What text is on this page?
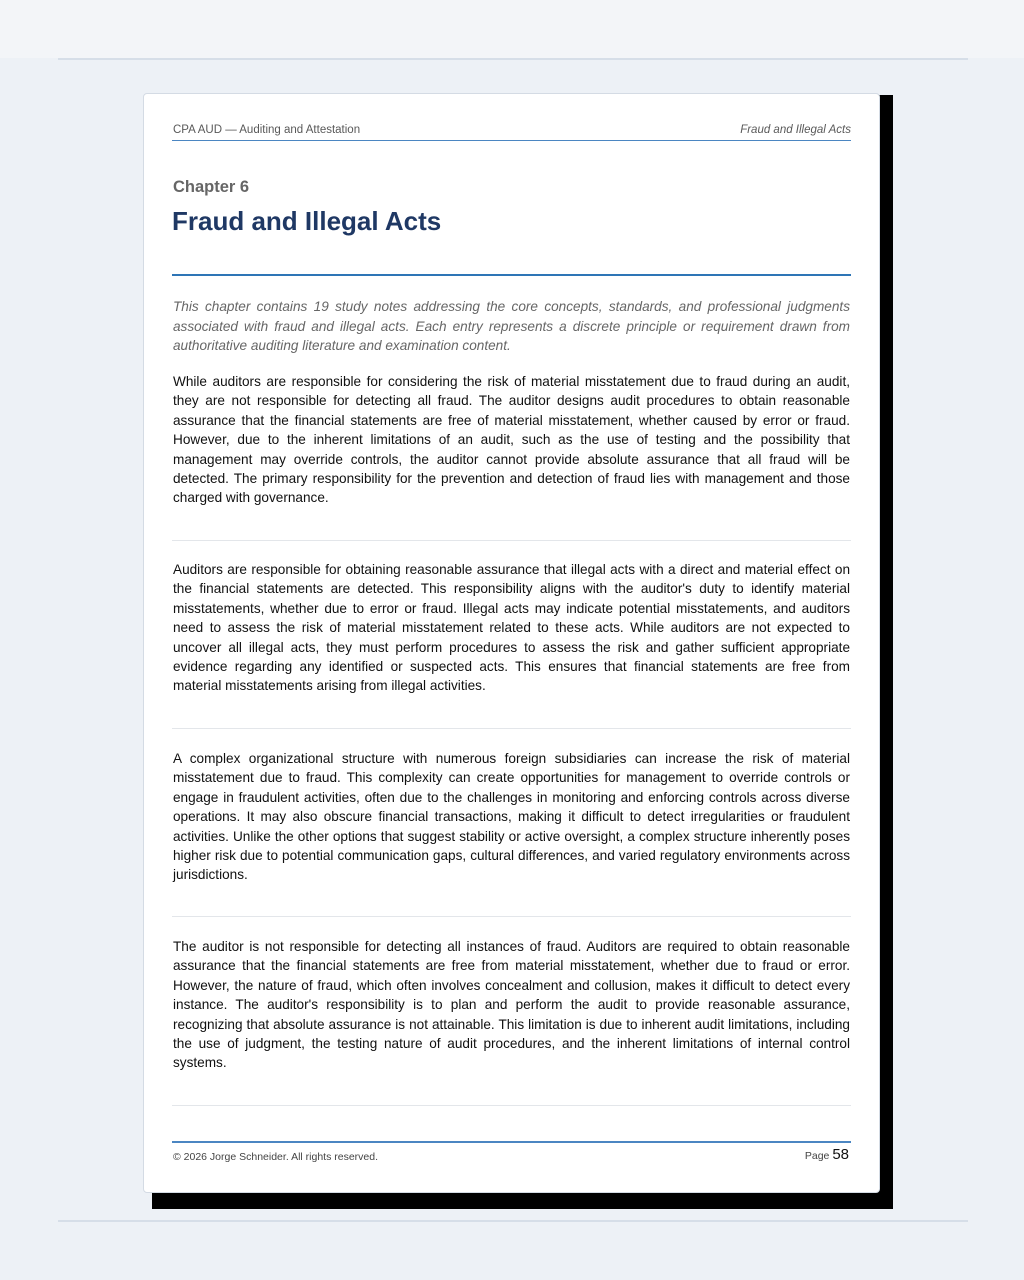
CPA AUD — Auditing and Attestation	Fraud and Illegal Acts
Chapter 6
Fraud and Illegal Acts

This chapter contains 19 study notes addressing the core concepts, standards, and professional judgments associated with fraud and illegal acts. Each entry represents a discrete principle or requirement drawn from authoritative auditing literature and examination content.

While auditors are responsible for considering the risk of material misstatement due to fraud during an audit, they are not responsible for detecting all fraud. The auditor designs audit procedures to obtain reasonable assurance that the financial statements are free of material misstatement, whether caused by error or fraud. However, due to the inherent limitations of an audit, such as the use of testing and the possibility that management may override controls, the auditor cannot provide absolute assurance that all fraud will be detected. The primary responsibility for the prevention and detection of fraud lies with management and those charged with governance.

Auditors are responsible for obtaining reasonable assurance that illegal acts with a direct and material effect on the financial statements are detected. This responsibility aligns with the auditor's duty to identify material misstatements, whether due to error or fraud. Illegal acts may indicate potential misstatements, and auditors need to assess the risk of material misstatement related to these acts. While auditors are not expected to uncover all illegal acts, they must perform procedures to assess the risk and gather sufficient appropriate evidence regarding any identified or suspected acts. This ensures that financial statements are free from material misstatements arising from illegal activities.

A complex organizational structure with numerous foreign subsidiaries can increase the risk of material misstatement due to fraud. This complexity can create opportunities for management to override controls or engage in fraudulent activities, often due to the challenges in monitoring and enforcing controls across diverse operations. It may also obscure financial transactions, making it difficult to detect irregularities or fraudulent activities. Unlike the other options that suggest stability or active oversight, a complex structure inherently poses higher risk due to potential communication gaps, cultural differences, and varied regulatory environments across jurisdictions.

The auditor is not responsible for detecting all instances of fraud. Auditors are required to obtain reasonable assurance that the financial statements are free from material misstatement, whether due to fraud or error. However, the nature of fraud, which often involves concealment and collusion, makes it difficult to detect every instance. The auditor's responsibility is to plan and perform the audit to provide reasonable assurance, recognizing that absolute assurance is not attainable. This limitation is due to inherent audit limitations, including the use of judgment, the testing nature of audit procedures, and the inherent limitations of internal control systems.

© 2026 Jorge Schneider. All rights reserved.	Page 58
